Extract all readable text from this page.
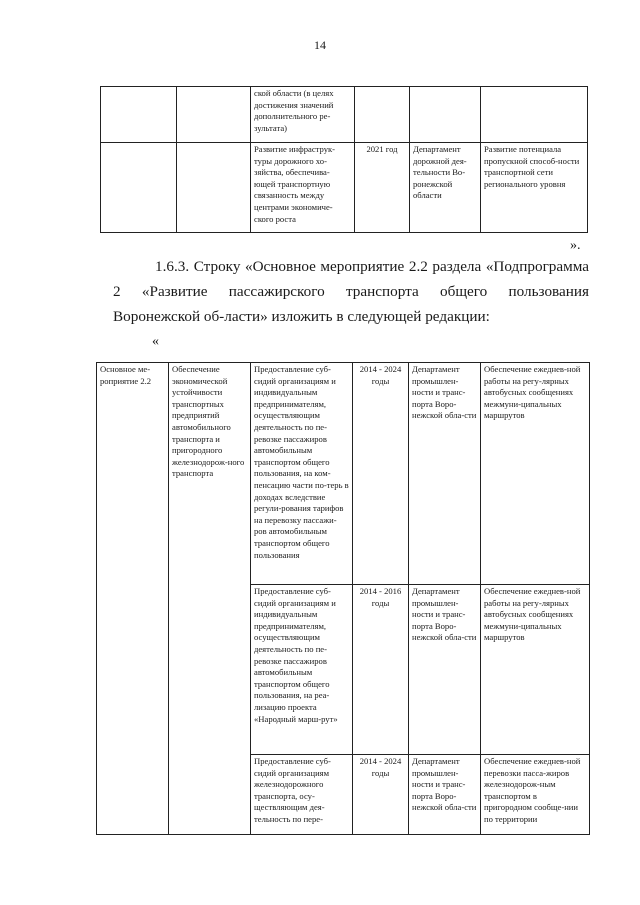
14
		ской области (в целях достижения значений дополнительного ре-зультата)			
		Развитие инфраструк-туры дорожного хо-зяйства, обеспечива-ющей транспортную связанность между центрами экономиче-ского роста	2021 год	Департамент дорожной дея-тельности Во-ронежской области	Развитие потенциала пропускной способ-ности транспортной сети регионального уровня
».
1.6.3. Строку «Основное мероприятие 2.2 раздела «Подпрограмма 2 «Развитие пассажирского транспорта общего пользования Воронежской об-ласти» изложить в следующей редакции:
«
Основное ме-роприятие 2.2	Обеспечение экономической устойчивости транспортных предприятий автомобильного транспорта и пригородного железнодорож-ного транспорта	Предоставление суб-сидий организациям и индивидуальным предпринимателям, осуществляющим деятельность по пе-ревозке пассажиров автомобильным транспортом общего пользования, на ком-пенсацию части по-терь в доходах вследствие регули-рования тарифов на перевозку пассажи-ров автомобильным транспортом общего пользования	2014 - 2024 годы	Департамент промышлен-ности и транс-порта Воро-нежской обла-сти	Обеспечение ежеднев-ной работы на регу-лярных автобусных сообщениях межмуни-ципальных маршрутов
		Предоставление суб-сидий организациям и индивидуальным предпринимателям, осуществляющим деятельность по пе-ревозке пассажиров автомобильным транспортом общего пользования, на реа-лизацию проекта «Народный марш-рут»	2014 - 2016 годы	Департамент промышлен-ности и транс-порта Воро-нежской обла-сти	Обеспечение ежеднев-ной работы на регу-лярных автобусных сообщениях межмуни-ципальных маршрутов
		Предоставление суб-сидий организациям железнодорожного транспорта, осу-ществляющим дея-тельность по пере-	2014 - 2024 годы	Департамент промышлен-ности и транс-порта Воро-нежской обла-сти	Обеспечение ежеднев-ной перевозки пасса-жиров железнодорож-ным транспортом в пригородном сообще-нии по территории
